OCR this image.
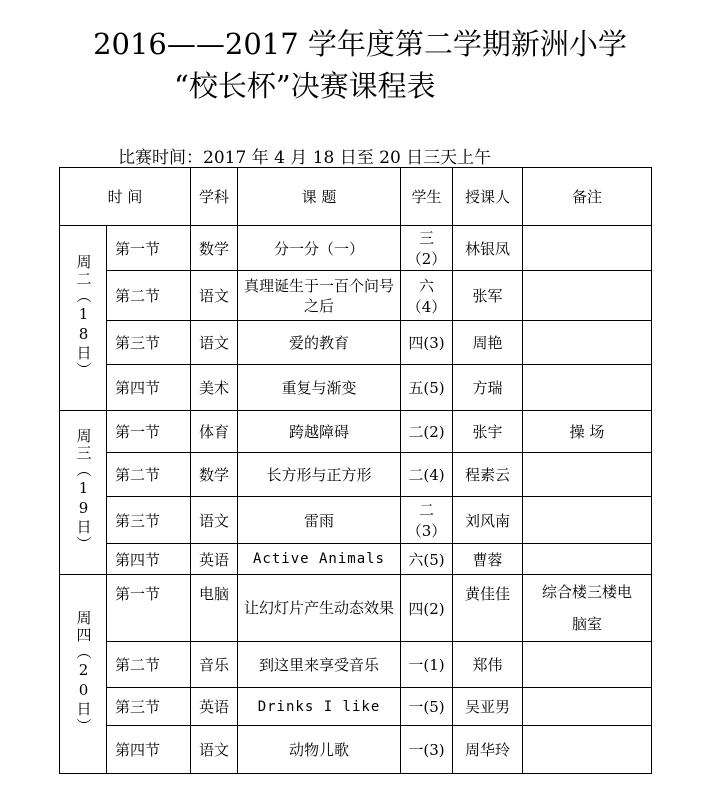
2016——2017 学年度第二学期新洲小学
“校长杯”决赛课程表
比赛时间：2017 年 4 月 18 日至 20 日三天上午
时 间		学科	课 题	学生	授课人	备注
周二（18日）	第一节	数学	分一分（一）	三（2）	林银凤	
	第二节	语文	真理诞生于一百个问号之后	六（4）	张军	
	第三节	语文	爱的教育	四(3)	周艳	
	第四节	美术	重复与渐变	五(5)	方瑞	
周三（19日）	第一节	体育	跨越障碍	二(2)	张宇	操 场
	第二节	数学	长方形与正方形	二(4)	程素云	
	第三节	语文	雷雨	二（3）	刘风南	
	第四节	英语	Active Animals	六(5)	曹蓉	
周四（20日）	第一节	电脑	让幻灯片产生动态效果	四(2)	黄佳佳	综合楼三楼电脑室
	第二节	音乐	到这里来享受音乐	一(1)	郑伟	
	第三节	英语	Drinks I like	一(5)	吴亚男	
	第四节	语文	动物儿歌	一(3)	周华玲	
